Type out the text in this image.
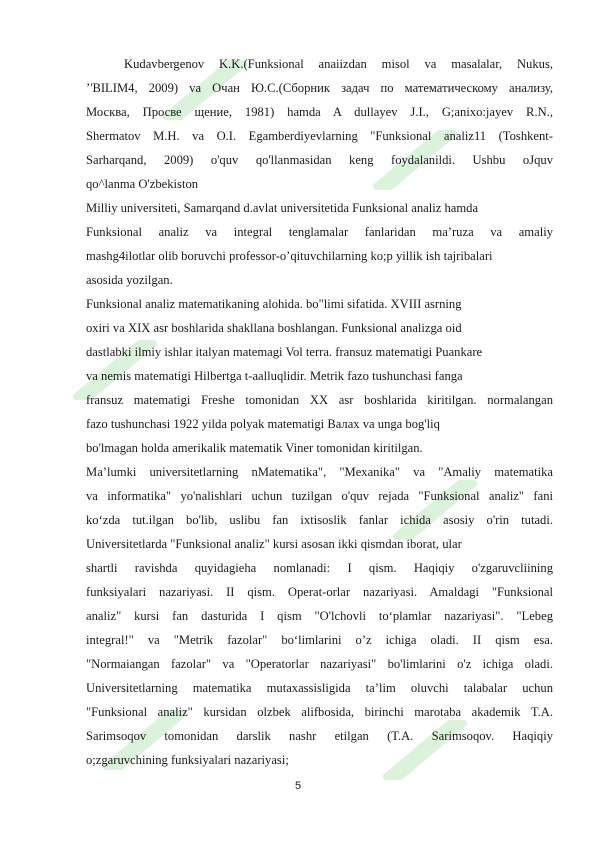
Kudavbergenov K.K.(Funksional anaiizdan misol va masalalar, Nukus,
’'BILIM4, 2009) va Очан Ю.С.(Сборник задач по математическому анализу,
Москва, Просве щение, 1981) hamda A dullayev J.I., G;anixo:jayev R.N.,
Shermatov M.H. va O.I. Egamberdiyevlarning "Funksional analiz11 (Toshkent-
Sarharqand, 2009) o'quv qo'llanmasidan keng foydalanildi. Ushbu oJquv
qo^lanma O'zbekiston
Milliy universiteti, Samarqand d.avlat universitetida Funksional analiz hamda
Funksional analiz va integral tenglamalar fanlaridan ma’ruza va amaliy
mashg4ilotlar olib boruvchi professor-o’qituvchilarning ko;p yillik ish tajribalari
asosida yozilgan.
Funksional analiz matematikaning alohida. bo"limi sifatida. XVIII asrning
oxiri va XIX asr boshlarida shakllana boshlangan. Funksional analizga oid
dastlabki ilmiy ishlar italyan matemagi Vol terra. fransuz matematigi Puankare
va nemis matematigi Hilbertga t-aalluqlidir. Metrik fazo tushunchasi fanga
fransuz matematigi Freshe tomonidan XX asr boshlarida kiritilgan. normalangan
fazo tushunchasi 1922 yilda polyak matematigi Валах va unga bog'liq
bo'lmagan holda amerikalik matematik Viner tomonidan kiritilgan.
Ma’lumki universitetlarning nMatematika", "Mexanika" va "Amaliy matematika
va informatika" yo'nalishlari uchun tuzilgan o'quv rejada "Funksional analiz" fani
ko‘zda tut.ilgan bo'lib, uslibu fan ixtisoslik fanlar ichida asosiy o'rin tutadi.
Universitetlarda "Funksional analiz" kursi asosan ikki qismdan iborat, ular
shartli ravishda quyidagieha nomlanadi: I qism. Haqiqiy o'zgaruvcliining
funksiyalari nazariyasi. II qism. Operat-orlar nazariyasi. Amaldagi "Funksional
analiz" kursi fan dasturida I qism "O'lchovli to‘plamlar nazariyasi". "Lebeg
integral!" va "Metrik fazolar" bo‘limlarini o’z ichiga oladi. II qism esa.
"Normaiangan fazolar" va "Operatorlar nazariyasi" bo'limlarini o'z ichiga oladi.
Universitetlarning matematika mutaxassisligida ta’lim oluvchi talabalar uchun
"Funksional analiz" kursidan olzbek alifbosida, birinchi marotaba akademik T.A.
Sarimsoqov tomonidan darslik nashr etilgan (T.A. Sarimsoqov. Haqiqiy
o;zgaruvchining funksiyalari nazariyasi;
5
